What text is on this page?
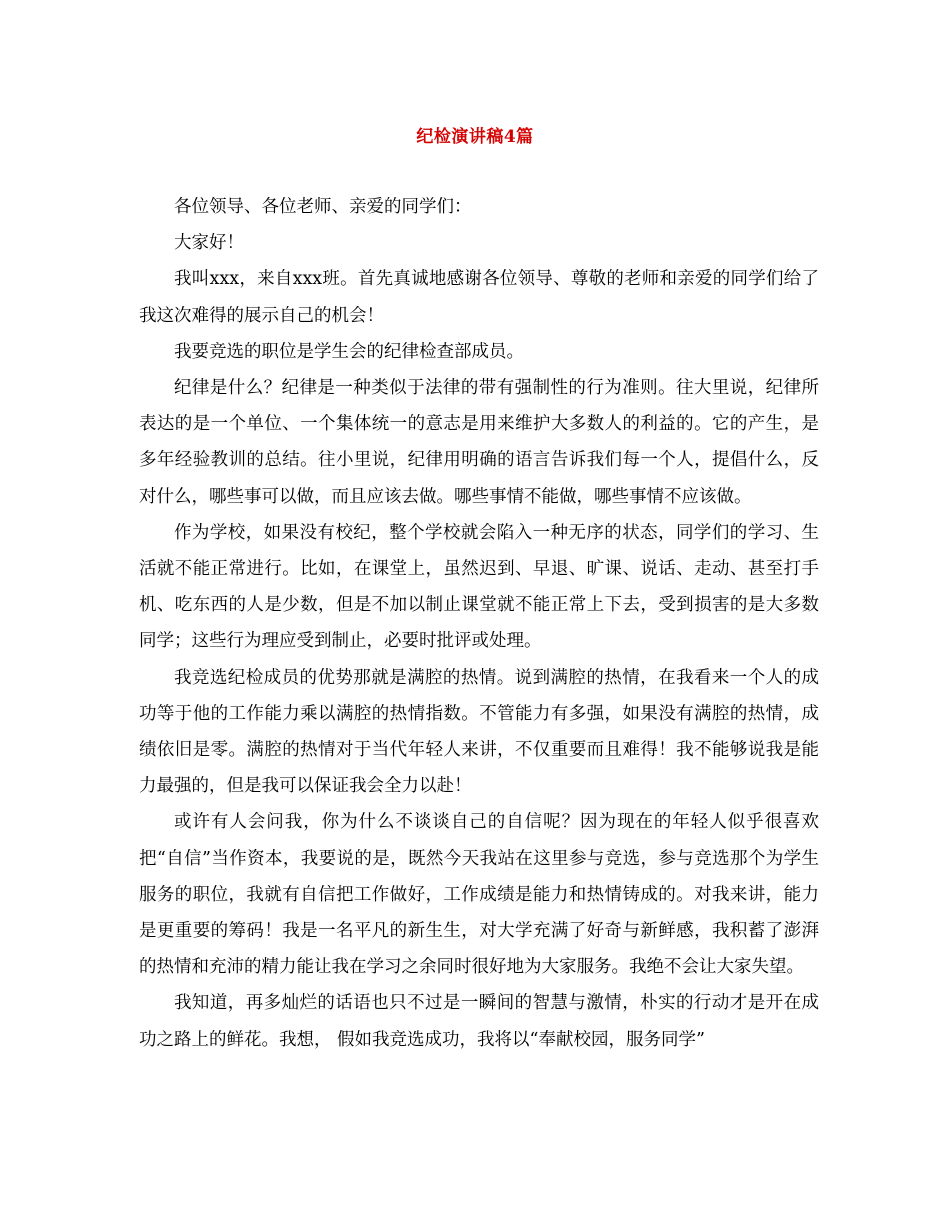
纪检演讲稿4篇

各位领导、各位老师、亲爱的同学们：

大家好！

我叫xxx，来自xxx班。首先真诚地感谢各位领导、尊敬的老师和亲爱的同学们给了我这次难得的展示自己的机会！

我要竞选的职位是学生会的纪律检查部成员。

纪律是什么？纪律是一种类似于法律的带有强制性的行为准则。往大里说，纪律所表达的是一个单位、一个集体统一的意志是用来维护大多数人的利益的。它的产生，是多年经验教训的总结。往小里说，纪律用明确的语言告诉我们每一个人，提倡什么，反对什么，哪些事可以做，而且应该去做。哪些事情不能做，哪些事情不应该做。

作为学校，如果没有校纪，整个学校就会陷入一种无序的状态，同学们的学习、生活就不能正常进行。比如，在课堂上，虽然迟到、早退、旷课、说话、走动、甚至打手机、吃东西的人是少数，但是不加以制止课堂就不能正常上下去，受到损害的是大多数同学；这些行为理应受到制止，必要时批评或处理。

我竞选纪检成员的优势那就是满腔的热情。说到满腔的热情，在我看来一个人的成功等于他的工作能力乘以满腔的热情指数。不管能力有多强，如果没有满腔的热情，成绩依旧是零。满腔的热情对于当代年轻人来讲，不仅重要而且难得！我不能够说我是能力最强的，但是我可以保证我会全力以赴！

或许有人会问我，你为什么不谈谈自己的自信呢？因为现在的年轻人似乎很喜欢把“自信”当作资本，我要说的是，既然今天我站在这里参与竞选，参与竞选那个为学生服务的职位，我就有自信把工作做好，工作成绩是能力和热情铸成的。对我来讲，能力是更重要的筹码！我是一名平凡的新生生，对大学充满了好奇与新鲜感，我积蓄了澎湃的热情和充沛的精力能让我在学习之余同时很好地为大家服务。我绝不会让大家失望。

我知道，再多灿烂的话语也只不过是一瞬间的智慧与激情，朴实的行动才是开在成功之路上的鲜花。我想， 假如我竞选成功，我将以“奉献校园，服务同学”
